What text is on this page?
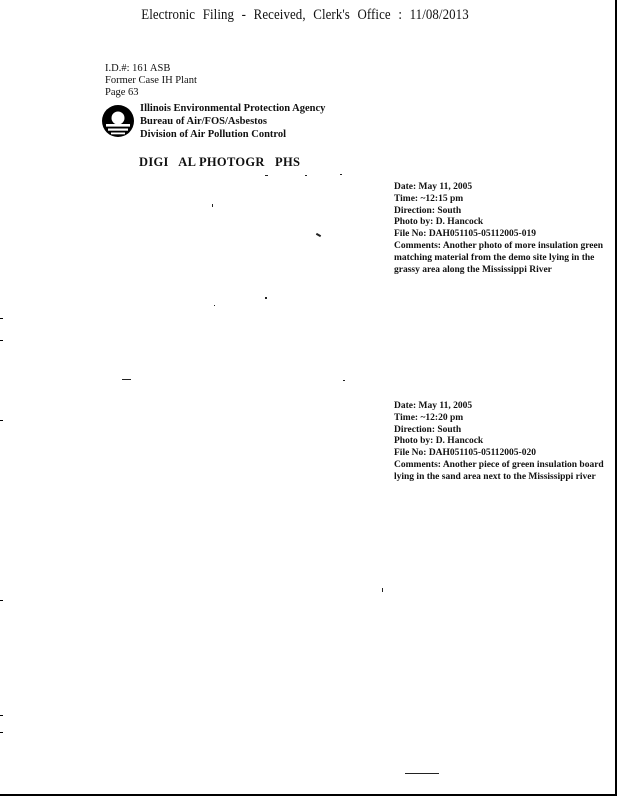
Electronic Filing - Received, Clerk's Office : 11/08/2013
I.D.#: 161 ASB
Former Case IH Plant
Page 63
Illinois Environmental Protection Agency
Bureau of Air/FOS/Asbestos
Division of Air Pollution Control
DIGI   AL PHOTOGR   PHS
Date: May 11, 2005
Time: ~12:15 pm
Direction: South
Photo by: D. Hancock
File No: DAH051105-05112005-019
Comments: Another photo of more insulation green matching material from the demo site lying in the grassy area along the Mississippi River
Date: May 11, 2005
Time: ~12:20 pm
Direction: South
Photo by: D. Hancock
File No: DAH051105-05112005-020
Comments: Another piece of green insulation board lying in the sand area next to the Mississippi river
